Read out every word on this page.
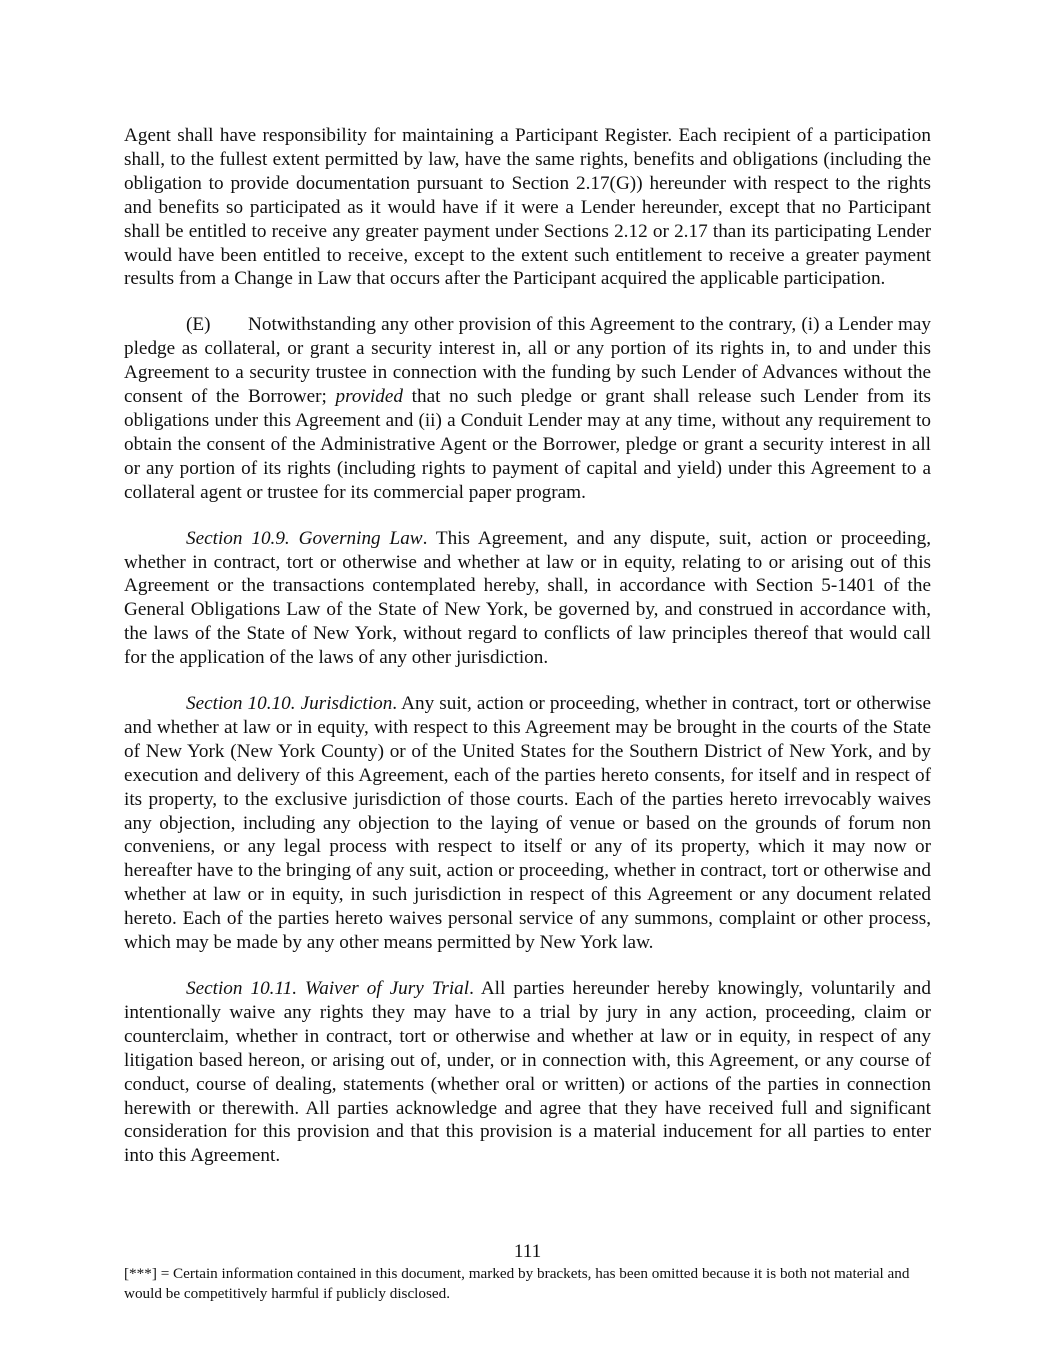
Agent shall have responsibility for maintaining a Participant Register. Each recipient of a participation shall, to the fullest extent permitted by law, have the same rights, benefits and obligations (including the obligation to provide documentation pursuant to Section 2.17(G)) hereunder with respect to the rights and benefits so participated as it would have if it were a Lender hereunder, except that no Participant shall be entitled to receive any greater payment under Sections 2.12 or 2.17 than its participating Lender would have been entitled to receive, except to the extent such entitlement to receive a greater payment results from a Change in Law that occurs after the Participant acquired the applicable participation.

(E) Notwithstanding any other provision of this Agreement to the contrary, (i) a Lender may pledge as collateral, or grant a security interest in, all or any portion of its rights in, to and under this Agreement to a security trustee in connection with the funding by such Lender of Advances without the consent of the Borrower; provided that no such pledge or grant shall release such Lender from its obligations under this Agreement and (ii) a Conduit Lender may at any time, without any requirement to obtain the consent of the Administrative Agent or the Borrower, pledge or grant a security interest in all or any portion of its rights (including rights to payment of capital and yield) under this Agreement to a collateral agent or trustee for its commercial paper program.

Section 10.9. Governing Law. This Agreement, and any dispute, suit, action or proceeding, whether in contract, tort or otherwise and whether at law or in equity, relating to or arising out of this Agreement or the transactions contemplated hereby, shall, in accordance with Section 5-1401 of the General Obligations Law of the State of New York, be governed by, and construed in accordance with, the laws of the State of New York, without regard to conflicts of law principles thereof that would call for the application of the laws of any other jurisdiction.

Section 10.10. Jurisdiction. Any suit, action or proceeding, whether in contract, tort or otherwise and whether at law or in equity, with respect to this Agreement may be brought in the courts of the State of New York (New York County) or of the United States for the Southern District of New York, and by execution and delivery of this Agreement, each of the parties hereto consents, for itself and in respect of its property, to the exclusive jurisdiction of those courts. Each of the parties hereto irrevocably waives any objection, including any objection to the laying of venue or based on the grounds of forum non conveniens, or any legal process with respect to itself or any of its property, which it may now or hereafter have to the bringing of any suit, action or proceeding, whether in contract, tort or otherwise and whether at law or in equity, in such jurisdiction in respect of this Agreement or any document related hereto. Each of the parties hereto waives personal service of any summons, complaint or other process, which may be made by any other means permitted by New York law.

Section 10.11. Waiver of Jury Trial. All parties hereunder hereby knowingly, voluntarily and intentionally waive any rights they may have to a trial by jury in any action, proceeding, claim or counterclaim, whether in contract, tort or otherwise and whether at law or in equity, in respect of any litigation based hereon, or arising out of, under, or in connection with, this Agreement, or any course of conduct, course of dealing, statements (whether oral or written) or actions of the parties in connection herewith or therewith. All parties acknowledge and agree that they have received full and significant consideration for this provision and that this provision is a material inducement for all parties to enter into this Agreement.

111

[***] = Certain information contained in this document, marked by brackets, has been omitted because it is both not material and would be competitively harmful if publicly disclosed.
